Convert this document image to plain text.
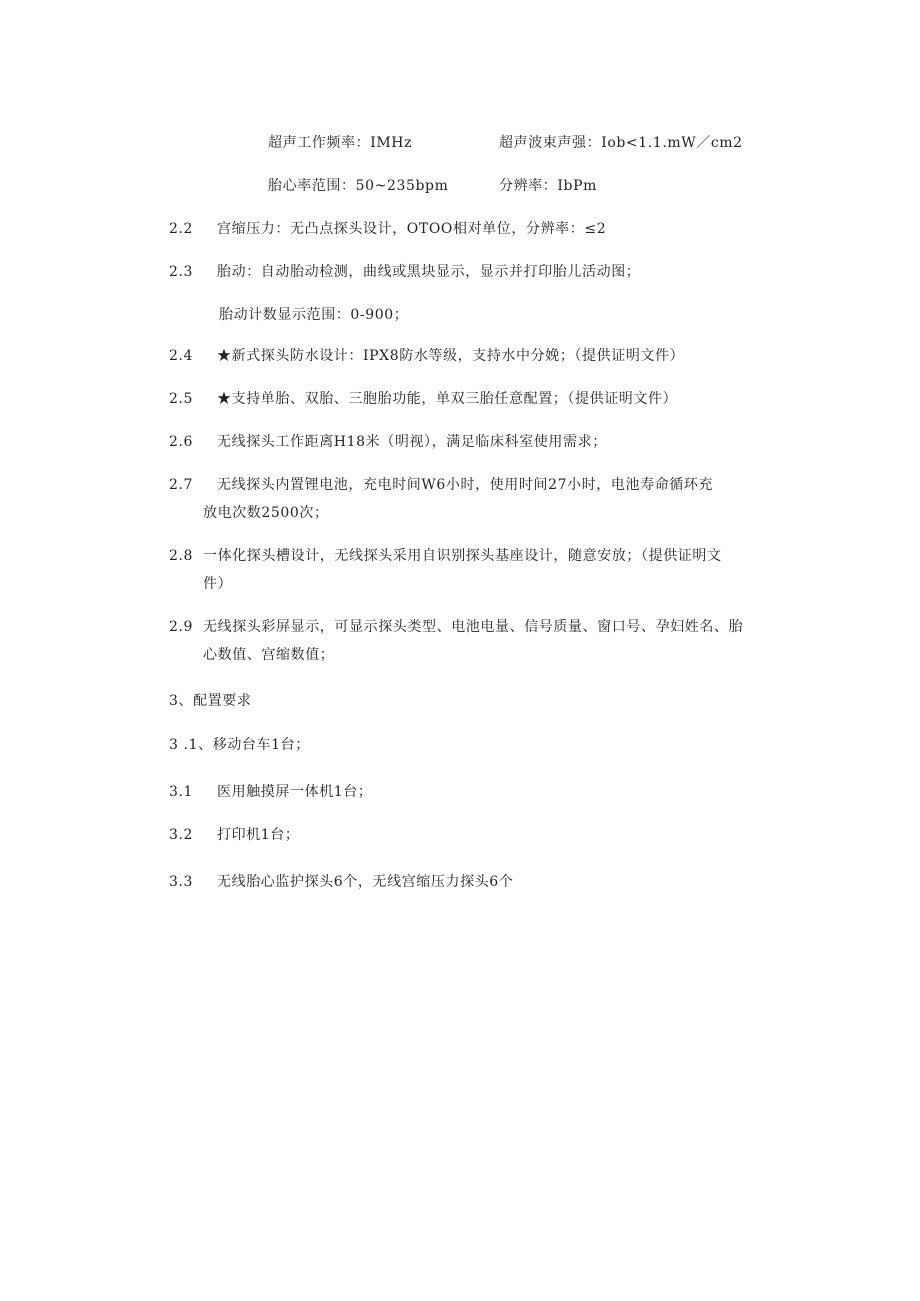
超声工作频率：IMHz	超声波束声强：Iob<1.1.mW／cm2
胎心率范围：50~235bpm	分辨率：IbPm
2.2 宫缩压力：无凸点探头设计，OTOO相对单位，分辨率：≤2
2.3 胎动：自动胎动检测，曲线或黑块显示，显示并打印胎儿活动图；
胎动计数显示范围：0-900；
2.4 ★新式探头防水设计：IPX8防水等级，支持水中分娩；（提供证明文件）
2.5 ★支持单胎、双胎、三胞胎功能，单双三胎任意配置；（提供证明文件）
2.6 无线探头工作距离H18米（明视），满足临床科室使用需求；
2.7 无线探头内置锂电池，充电时间W6小时，使用时间27小时，电池寿命循环充
放电次数2500次；
2.8 一体化探头槽设计，无线探头采用自识别探头基座设计，随意安放；（提供证明文
件）
2.9 无线探头彩屏显示，可显示探头类型、电池电量、信号质量、窗口号、孕妇姓名、胎
心数值、宫缩数值；
3、配置要求
3 .1、移动台车1台；
3.1 医用触摸屏一体机1台；
3.2 打印机1台；
3.3 无线胎心监护探头6个，无线宫缩压力探头6个
